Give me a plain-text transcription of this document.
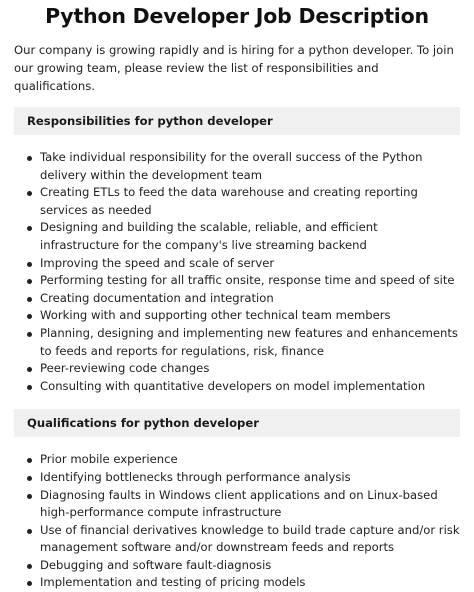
Python Developer Job Description

Our company is growing rapidly and is hiring for a python developer. To join our growing team, please review the list of responsibilities and qualifications.

Responsibilities for python developer
Take individual responsibility for the overall success of the Python delivery within the development team
Creating ETLs to feed the data warehouse and creating reporting services as needed
Designing and building the scalable, reliable, and efficient infrastructure for the company's live streaming backend
Improving the speed and scale of server
Performing testing for all traffic onsite, response time and speed of site
Creating documentation and integration
Working with and supporting other technical team members
Planning, designing and implementing new features and enhancements to feeds and reports for regulations, risk, finance
Peer-reviewing code changes
Consulting with quantitative developers on model implementation
Qualifications for python developer
Prior mobile experience
Identifying bottlenecks through performance analysis
Diagnosing faults in Windows client applications and on Linux-based high-performance compute infrastructure
Use of financial derivatives knowledge to build trade capture and/or risk management software and/or downstream feeds and reports
Debugging and software fault-diagnosis
Implementation and testing of pricing models
